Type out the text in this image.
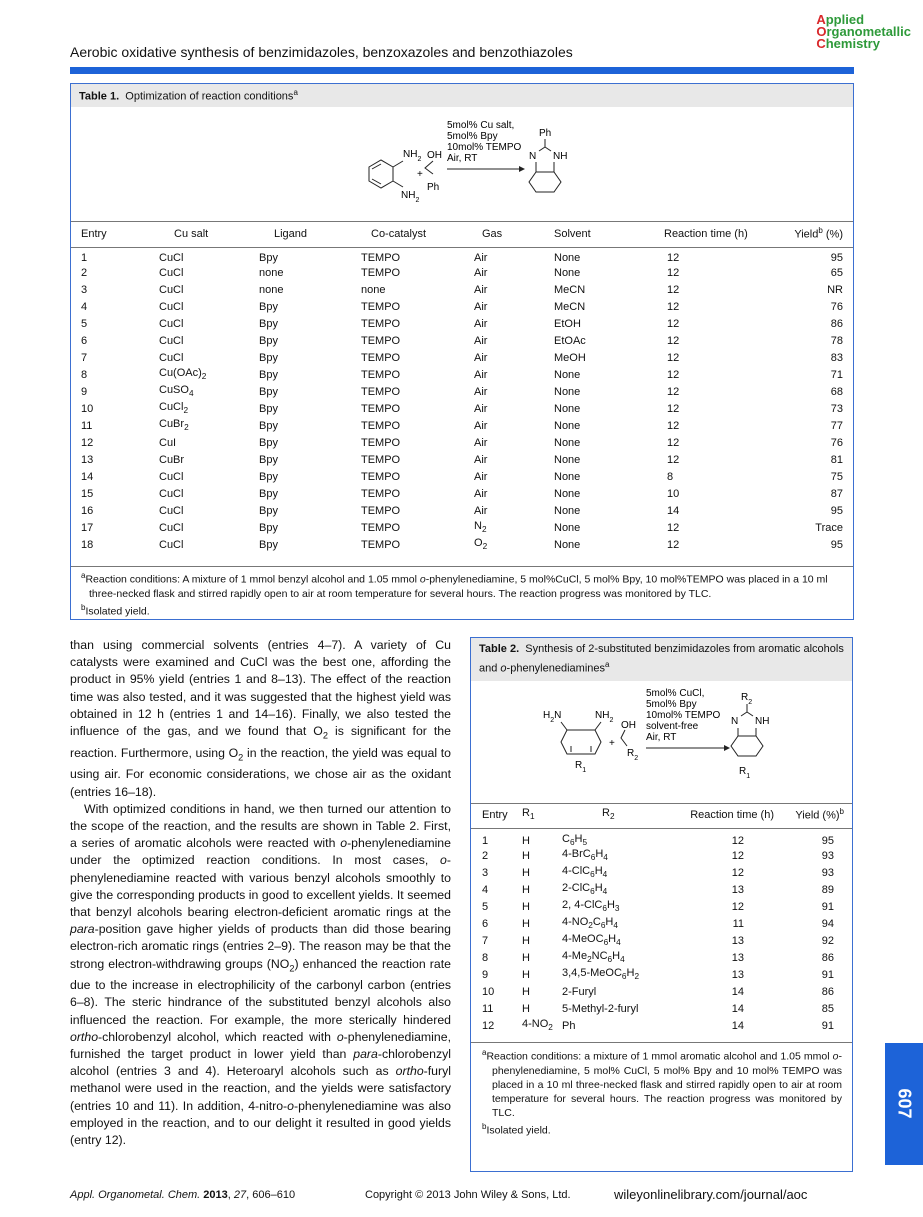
Applied
Organometallic
Chemistry
Aerobic oxidative synthesis of benzimidazoles, benzoxazoles and benzothiazoles
Table 1. Optimization of reaction conditions$^a$
$NH_2$
$NH_2$
+
OH
Ph
5mol% Cu salt,
5mol% Bpy
10mol% TEMPO
Air, RT
Ph
N NH
Entry	Cu salt	Ligand	Co-catalyst	Gas	Solvent	Reaction time (h)	Yield$^b$ (%)
1	CuCl	Bpy	TEMPO	Air	None	12	95
2	CuCl	none	TEMPO	Air	None	12	65
3	CuCl	none	none	Air	MeCN	12	NR
4	CuCl	Bpy	TEMPO	Air	MeCN	12	76
5	CuCl	Bpy	TEMPO	Air	EtOH	12	86
6	CuCl	Bpy	TEMPO	Air	EtOAc	12	78
7	CuCl	Bpy	TEMPO	Air	MeOH	12	83
8	$Cu(OAc)_2$	Bpy	TEMPO	Air	None	12	71
9	CuSO$_4$	Bpy	TEMPO	Air	None	12	68
10	CuCl$_2$	Bpy	TEMPO	Air	None	12	73
11	CuBr$_2$	Bpy	TEMPO	Air	None	12	77
12	CuI	Bpy	TEMPO	Air	None	12	76
13	CuBr	Bpy	TEMPO	Air	None	12	81
14	CuCl	Bpy	TEMPO	Air	None	8	75
15	CuCl	Bpy	TEMPO	Air	None	10	87
16	CuCl	Bpy	TEMPO	Air	None	14	95
17	CuCl	Bpy	TEMPO	$N_2$	None	12	Trace
18	CuCl	Bpy	TEMPO	$O_2$	None	12	95
$^a$Reaction conditions: A mixture of 1 mmol benzyl alcohol and 1.05 mmol o-phenylenediamine, 5 mol%CuCl, 5 mol% Bpy, 10 mol%TEMPO was placed in a 10 ml three-necked flask and stirred rapidly open to air at room temperature for several hours. The reaction progress was monitored by TLC.
$^b$Isolated yield.

than using commercial solvents (entries 4–7). A variety of Cu catalysts were examined and CuCl was the best one, affording the product in 95% yield (entries 1 and 8–13). The effect of the reaction time was also tested, and it was suggested that the highest yield was obtained in 12 h (entries 1 and 14–16). Finally, we also tested the influence of the gas, and we found that $O_2$ is significant for the reaction. Furthermore, using $O_2$ in the reaction, the yield was equal to using air. For economic considerations, we chose air as the oxidant (entries 16–18).

With optimized conditions in hand, we then turned our attention to the scope of the reaction, and the results are shown in Table 2. First, a series of aromatic alcohols were reacted with o-phenylenediamine under the optimized reaction conditions. In most cases, o-phenylenediamine reacted with various benzyl alcohols smoothly to give the corresponding products in good to excellent yields. It seemed that benzyl alcohols bearing electron-deficient aromatic rings at the para-position gave higher yields of products than did those bearing electron-rich aromatic rings (entries 2–9). The reason may be that the strong electron-withdrawing groups $(NO_2)$ enhanced the reaction rate due to the increase in electrophilicity of the carbonyl carbon (entries 6–8). The steric hindrance of the substituted benzyl alcohols also influenced the reaction. For example, the more sterically hindered ortho-chlorobenzyl alcohol, which reacted with o-phenylenediamine, furnished the target product in lower yield than para-chlorobenzyl alcohol (entries 3 and 4). Heteroaryl alcohols such as ortho-furyl methanol were used in the reaction, and the yields were satisfactory (entries 10 and 11). In addition, 4-nitro-o-phenylenediamine was also employed in the reaction, and to our delight it resulted in good yields (entry 12).

Table 2. Synthesis of 2-substituted benzimidazoles from aromatic alcohols and o-phenylenediamines$^a$
$H_2N$	$NH_2$
$R_1$
+
OH
$R_2$
5mol% CuCl,
5mol% Bpy
10mol% TEMPO
solvent-free
Air, RT
$R_2$
N NH
$R_1$
Entry	$R_1$	$R_2$	Reaction time (h)	Yield (%)$^b$
1	H	$C_6H_5$	12	95
2	H	$4-BrC_6H_4$	12	93
3	H	$4-ClC_6H_4$	12	93
4	H	$2-ClC_6H_4$	13	89
5	H	2, $4-ClC_6H_3$	12	91
6	H	$4-NO_2C_6H_4$	11	94
7	H	$4-MeOC_6H_4$	13	92
8	H	$4-Me_2NC_6H_4$	13	86
9	H	$3,4,5-MeOC_6H_2$	13	91
10	H	2-Furyl	14	86
11	H	5-Methyl-2-furyl	14	85
12	$4-NO_2$	Ph	14	91
$^a$Reaction conditions: a mixture of 1 mmol aromatic alcohol and 1.05 mmol o-phenylenediamine, 5 mol% CuCl, 5 mol% Bpy and 10 mol% TEMPO was placed in a 10 ml three-necked flask and stirred rapidly open to air at room temperature for several hours. The reaction progress was monitored by TLC.
$^b$Isolated yield.
607
Appl. Organometal. Chem. 2013, 27, 606–610	Copyright © 2013 John Wiley & Sons, Ltd.	wileyonlinelibrary.com/journal/aoc
